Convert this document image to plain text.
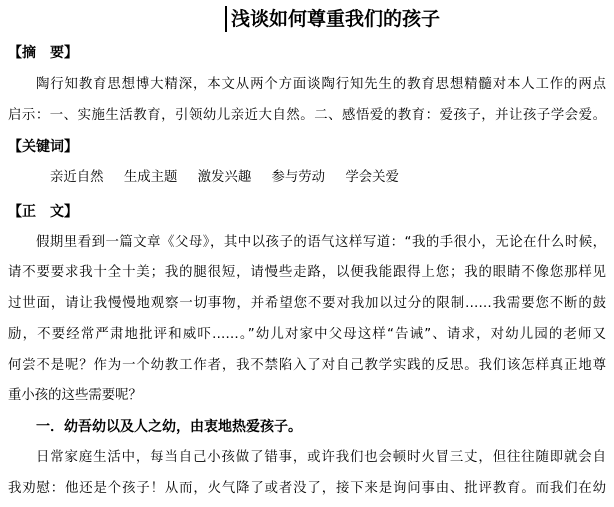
浅谈如何尊重我们的孩子
【摘　要】
陶行知教育思想博大精深，本文从两个方面谈陶行知先生的教育思想精髓对本人工作的两点
启示：一、实施生活教育，引领幼儿亲近大自然。二、感悟爱的教育：爱孩子，并让孩子学会爱。
【关键词】
亲近自然 生成主题 激发兴趣 参与劳动 学会关爱
【正　文】
假期里看到一篇文章《父母》，其中以孩子的语气这样写道：“我的手很小，无论在什么时候，
请不要要求我十全十美；我的腿很短，请慢些走路，以便我能跟得上您；我的眼睛不像您那样见
过世面，请让我慢慢地观察一切事物，并希望您不要对我加以过分的限制……我需要您不断的鼓
励，不要经常严肃地批评和威吓……。”幼儿对家中父母这样“告诫”、请求，对幼儿园的老师又
何尝不是呢？作为一个幼教工作者，我不禁陷入了对自己教学实践的反思。我们该怎样真正地尊
重小孩的这些需要呢？
一．幼吾幼以及人之幼，由衷地热爱孩子。
日常家庭生活中，每当自己小孩做了错事，或许我们也会顿时火冒三丈，但往往随即就会自
我劝慰：他还是个孩子！从而，火气降了或者没了，接下来是询问事由、批评教育。而我们在幼
